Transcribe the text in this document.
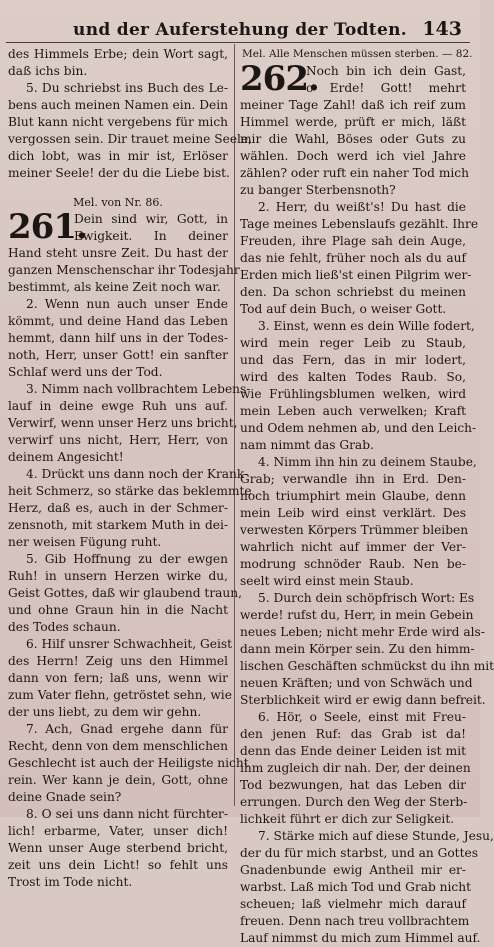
und der Auferstehung der Todten. 143
des Himmels Erbe; dein Wort sagt,
daß ichs bin.
5. Du schriebst ins Buch des Le-
bens auch meinen Namen ein. Dein
Blut kann nicht vergebens für mich
vergossen sein. Dir trauet meine Seele,
dich lobt, was in mir ist, Erlöser
meiner Seele! der du die Liebe bist.
Mel. von Nr. 86.
261.
Dein sind wir, Gott, in
Ewigkeit. In deiner
Hand steht unsre Zeit. Du hast der
ganzen Menschenschar ihr Todesjahr
bestimmt, als keine Zeit noch war.
2. Wenn nun auch unser Ende
kömmt, und deine Hand das Leben
hemmt, dann hilf uns in der Todes-
noth, Herr, unser Gott! ein sanfter
Schlaf werd uns der Tod.
3. Nimm nach vollbrachtem Lebens-
lauf in deine ewge Ruh uns auf.
Verwirf, wenn unser Herz uns bricht,
verwirf uns nicht, Herr, Herr, von
deinem Angesicht!
4. Drückt uns dann noch der Krank-
heit Schmerz, so stärke das beklemmte
Herz, daß es, auch in der Schmer-
zensnoth, mit starkem Muth in dei-
ner weisen Fügung ruht.
5. Gib Hoffnung zu der ewgen
Ruh! in unsern Herzen wirke du,
Geist Gottes, daß wir glaubend traun,
und ohne Graun hin in die Nacht
des Todes schaun.
6. Hilf unsrer Schwachheit, Geist
des Herrn! Zeig uns den Himmel
dann von fern; laß uns, wenn wir
zum Vater flehn, getröstet sehn, wie
der uns liebt, zu dem wir gehn.
7. Ach, Gnad ergehe dann für
Recht, denn von dem menschlichen
Geschlecht ist auch der Heiligste nicht
rein. Wer kann je dein, Gott, ohne
deine Gnade sein?
8. O sei uns dann nicht fürchter-
lich! erbarme, Vater, unser dich!
Wenn unser Auge sterbend bricht,
zeit uns dein Licht! so fehlt uns
Trost im Tode nicht.
Mel. Alle Menschen müssen sterben. — 82.
262.
Noch bin ich dein Gast,
o Erde! Gott! mehrt
meiner Tage Zahl! daß ich reif zum
Himmel werde, prüft er mich, läßt
mir die Wahl, Böses oder Guts zu
wählen. Doch werd ich viel Jahre
zählen? oder ruft ein naher Tod mich
zu banger Sterbensnoth?
2. Herr, du weißt's! Du hast die
Tage meines Lebenslaufs gezählt. Ihre
Freuden, ihre Plage sah dein Auge,
das nie fehlt, früher noch als du auf
Erden mich ließ'st einen Pilgrim wer-
den. Da schon schriebst du meinen
Tod auf dein Buch, o weiser Gott.
3. Einst, wenn es dein Wille fodert,
wird mein reger Leib zu Staub,
und das Fern, das in mir lodert,
wird des kalten Todes Raub. So,
wie Frühlingsblumen welken, wird
mein Leben auch verwelken; Kraft
und Odem nehmen ab, und den Leich-
nam nimmt das Grab.
4. Nimm ihn hin zu deinem Staube,
Grab; verwandle ihn in Erd. Den-
noch triumphirt mein Glaube, denn
mein Leib wird einst verklärt. Des
verwesten Körpers Trümmer bleiben
wahrlich nicht auf immer der Ver-
modrung schnöder Raub. Nen be-
seelt wird einst mein Staub.
5. Durch dein schöpfrisch Wort: Es
werde! rufst du, Herr, in mein Gebein
neues Leben; nicht mehr Erde wird als-
dann mein Körper sein. Zu den himm-
lischen Geschäften schmückst du ihn mit
neuen Kräften; und von Schwäch und
Sterblichkeit wird er ewig dann befreit.
6. Hör, o Seele, einst mit Freu-
den jenen Ruf: das Grab ist da!
denn das Ende deiner Leiden ist mit
ihm zugleich dir nah. Der, der deinen
Tod bezwungen, hat das Leben dir
errungen. Durch den Weg der Sterb-
lichkeit führt er dich zur Seligkeit.
7. Stärke mich auf diese Stunde, Jesu,
der du für mich starbst, und an Gottes
Gnadenbunde ewig Antheil mir er-
warbst. Laß mich Tod und Grab nicht
scheuen; laß vielmehr mich darauf
freuen. Denn nach treu vollbrachtem
Lauf nimmst du mich zum Himmel auf.
